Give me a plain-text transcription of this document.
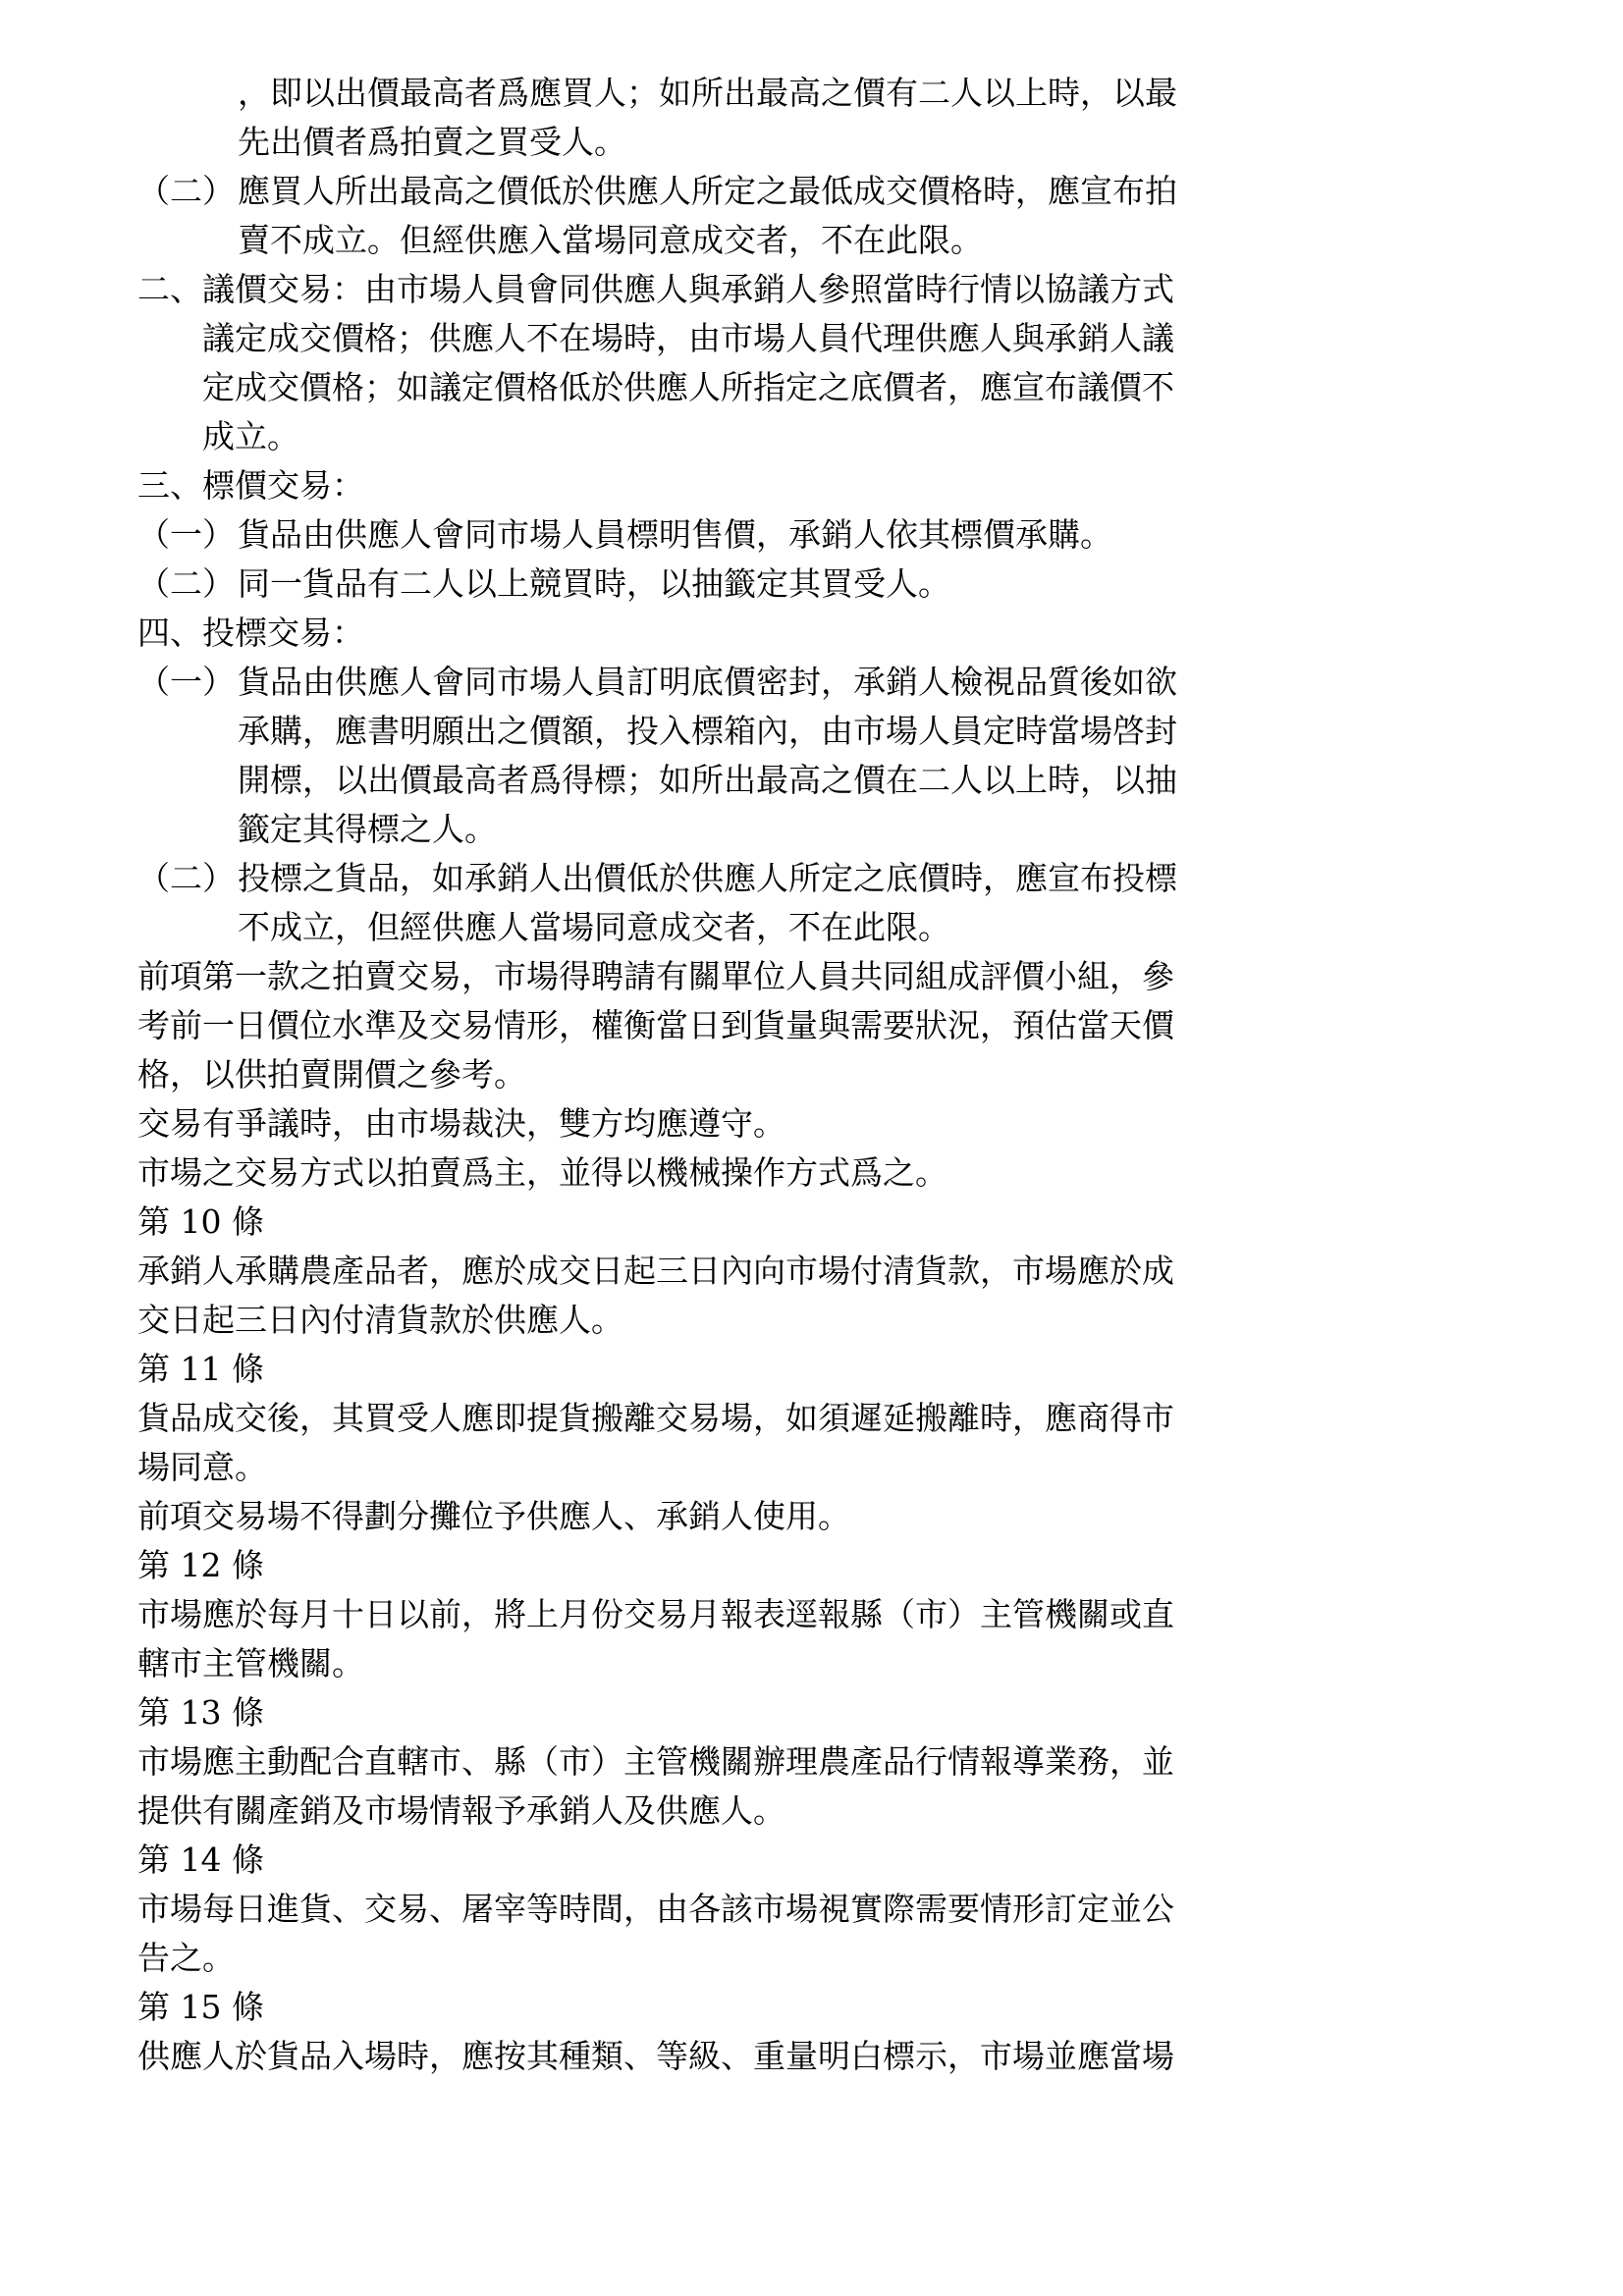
，即以出價最高者爲應買人；如所出最高之價有二人以上時，以最先出價者爲拍賣之買受人。

（二）應買人所出最高之價低於供應人所定之最低成交價格時，應宣布拍賣不成立。但經供應入當場同意成交者，不在此限。

二、議價交易：由市場人員會同供應人與承銷人參照當時行情以協議方式議定成交價格；供應人不在場時，由市場人員代理供應人與承銷人議定成交價格；如議定價格低於供應人所指定之底價者，應宣布議價不成立。

三、標價交易：

（一）貨品由供應人會同市場人員標明售價，承銷人依其標價承購。

（二）同一貨品有二人以上競買時，以抽籤定其買受人。

四、投標交易：

（一）貨品由供應人會同市場人員訂明底價密封，承銷人檢視品質後如欲承購，應書明願出之價額，投入標箱內，由市場人員定時當場啓封開標，以出價最高者爲得標；如所出最高之價在二人以上時，以抽籤定其得標之人。

（二）投標之貨品，如承銷人出價低於供應人所定之底價時，應宣布投標不成立，但經供應人當場同意成交者，不在此限。

前項第一款之拍賣交易，市場得聘請有關單位人員共同組成評價小組，參考前一日價位水準及交易情形，權衡當日到貨量與需要狀況，預估當天價格，以供拍賣開價之參考。

交易有爭議時，由市場裁決，雙方均應遵守。

市場之交易方式以拍賣爲主，並得以機械操作方式爲之。

第 10 條

承銷人承購農產品者，應於成交日起三日內向市場付清貨款，市場應於成交日起三日內付清貨款於供應人。

第 11 條

貨品成交後，其買受人應即提貨搬離交易場，如須遲延搬離時，應商得市場同意。

前項交易場不得劃分攤位予供應人、承銷人使用。

第 12 條

市場應於每月十日以前，將上月份交易月報表逕報縣（市）主管機關或直轄市主管機關。

第 13 條

市場應主動配合直轄市、縣（市）主管機關辦理農產品行情報導業務，並提供有關產銷及市場情報予承銷人及供應人。

第 14 條

市場每日進貨、交易、屠宰等時間，由各該市場視實際需要情形訂定並公告之。

第 15 條

供應人於貨品入場時，應按其種類、等級、重量明白標示，市場並應當場
